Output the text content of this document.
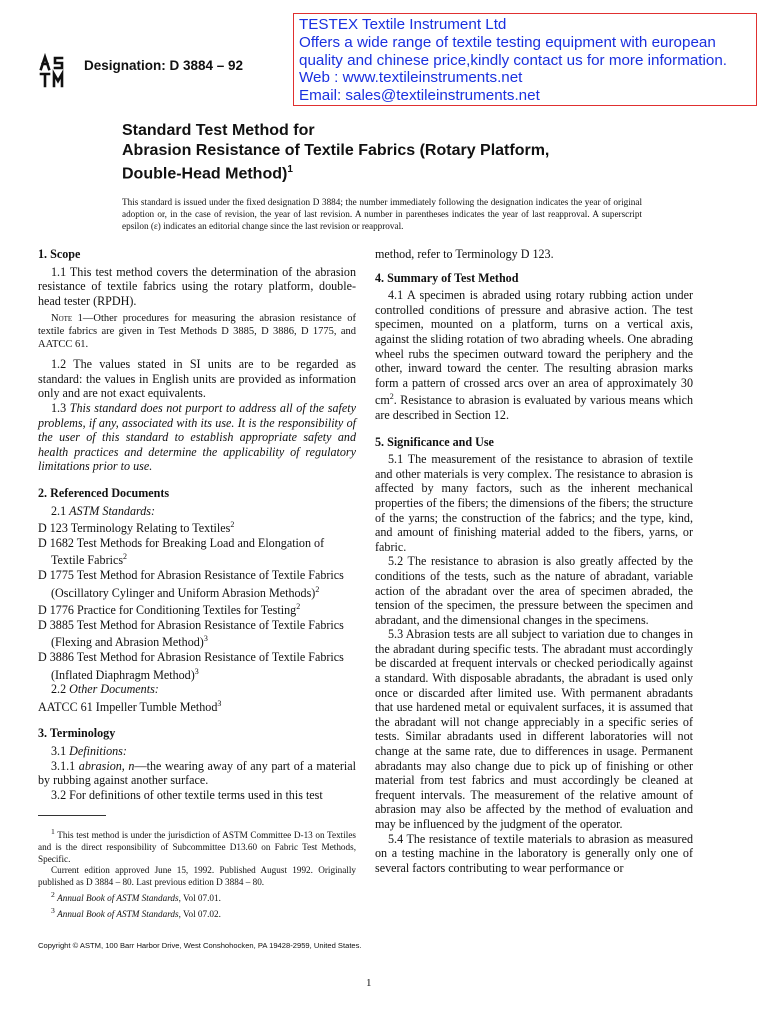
TESTEX Textile Instrument Ltd
Offers a wide range of textile testing equipment with european
quality and chinese price,kindly contact us for more information.
Web : www.textileinstruments.net
Email: sales@textileinstruments.net
Designation: D 3884 – 92
Standard Test Method for
Abrasion Resistance of Textile Fabrics (Rotary Platform,
Double-Head Method)$^1$
This standard is issued under the fixed designation D 3884; the number immediately following the designation indicates the year of original adoption or, in the case of revision, the year of last revision. A number in parentheses indicates the year of last reapproval. A superscript epsilon (ε) indicates an editorial change since the last revision or reapproval.
1. Scope

1.1 This test method covers the determination of the abrasion resistance of textile fabrics using the rotary platform, double-head tester (RPDH).

Note 1—Other procedures for measuring the abrasion resistance of textile fabrics are given in Test Methods D 3885, D 3886, D 1775, and AATCC 61.

1.2 The values stated in SI units are to be regarded as standard: the values in English units are provided as information only and are not exact equivalents.

1.3 This standard does not purport to address all of the safety problems, if any, associated with its use. It is the responsibility of the user of this standard to establish appropriate safety and health practices and determine the applicability of regulatory limitations prior to use.

2. Referenced Documents

2.1 ASTM Standards:

D 123 Terminology Relating to Textiles$^2$

D 1682 Test Methods for Breaking Load and Elongation of Textile Fabrics$^2$

D 1775 Test Method for Abrasion Resistance of Textile Fabrics (Oscillatory Cylinger and Uniform Abrasion Methods)$^2$

D 1776 Practice for Conditioning Textiles for Testing$^2$

D 3885 Test Method for Abrasion Resistance of Textile Fabrics (Flexing and Abrasion Method)$^3$

D 3886 Test Method for Abrasion Resistance of Textile Fabrics (Inflated Diaphragm Method)$^3$

2.2 Other Documents:

AATCC 61 Impeller Tumble Method$^3$

3. Terminology

3.1 Definitions:

3.1.1 abrasion, n—the wearing away of any part of a material by rubbing against another surface.

3.2 For definitions of other textile terms used in this test

$^1$ This test method is under the jurisdiction of ASTM Committee D-13 on Textiles and is the direct responsibility of Subcommittee D13.60 on Fabric Test Methods, Specific.

Current edition approved June 15, 1992. Published August 1992. Originally published as D 3884 – 80. Last previous edition D 3884 – 80.

$^2$ Annual Book of ASTM Standards, Vol 07.01.

$^3$ Annual Book of ASTM Standards, Vol 07.02.

method, refer to Terminology D 123.

4. Summary of Test Method

4.1 A specimen is abraded using rotary rubbing action under controlled conditions of pressure and abrasive action. The test specimen, mounted on a platform, turns on a vertical axis, against the sliding rotation of two abrading wheels. One abrading wheel rubs the specimen outward toward the periphery and the other, inward toward the center. The resulting abrasion marks form a pattern of crossed arcs over an area of approximately 30 $cm^2$. Resistance to abrasion is evaluated by various means which are described in Section 12.

5. Significance and Use

5.1 The measurement of the resistance to abrasion of textile and other materials is very complex. The resistance to abrasion is affected by many factors, such as the inherent mechanical properties of the fibers; the dimensions of the fibers; the structure of the yarns; the construction of the fabrics; and the type, kind, and amount of finishing material added to the fibers, yarns, or fabric.

5.2 The resistance to abrasion is also greatly affected by the conditions of the tests, such as the nature of abradant, variable action of the abradant over the area of specimen abraded, the tension of the specimen, the pressure between the specimen and abradant, and the dimensional changes in the specimens.

5.3 Abrasion tests are all subject to variation due to changes in the abradant during specific tests. The abradant must accordingly be discarded at frequent intervals or checked periodically against a standard. With disposable abradants, the abradant is used only once or discarded after limited use. With permanent abradants that use hardened metal or equivalent surfaces, it is assumed that the abradant will not change appreciably in a specific series of tests. Similar abradants used in different laboratories will not change at the same rate, due to differences in usage. Permanent abradants may also change due to pick up of finishing or other material from test fabrics and must accordingly be cleaned at frequent intervals. The measurement of the relative amount of abrasion may also be affected by the method of evaluation and may be influenced by the judgment of the operator.

5.4 The resistance of textile materials to abrasion as measured on a testing machine in the laboratory is generally only one of several factors contributing to wear performance or

Copyright © ASTM, 100 Barr Harbor Drive, West Conshohocken, PA 19428-2959, United States.
1
